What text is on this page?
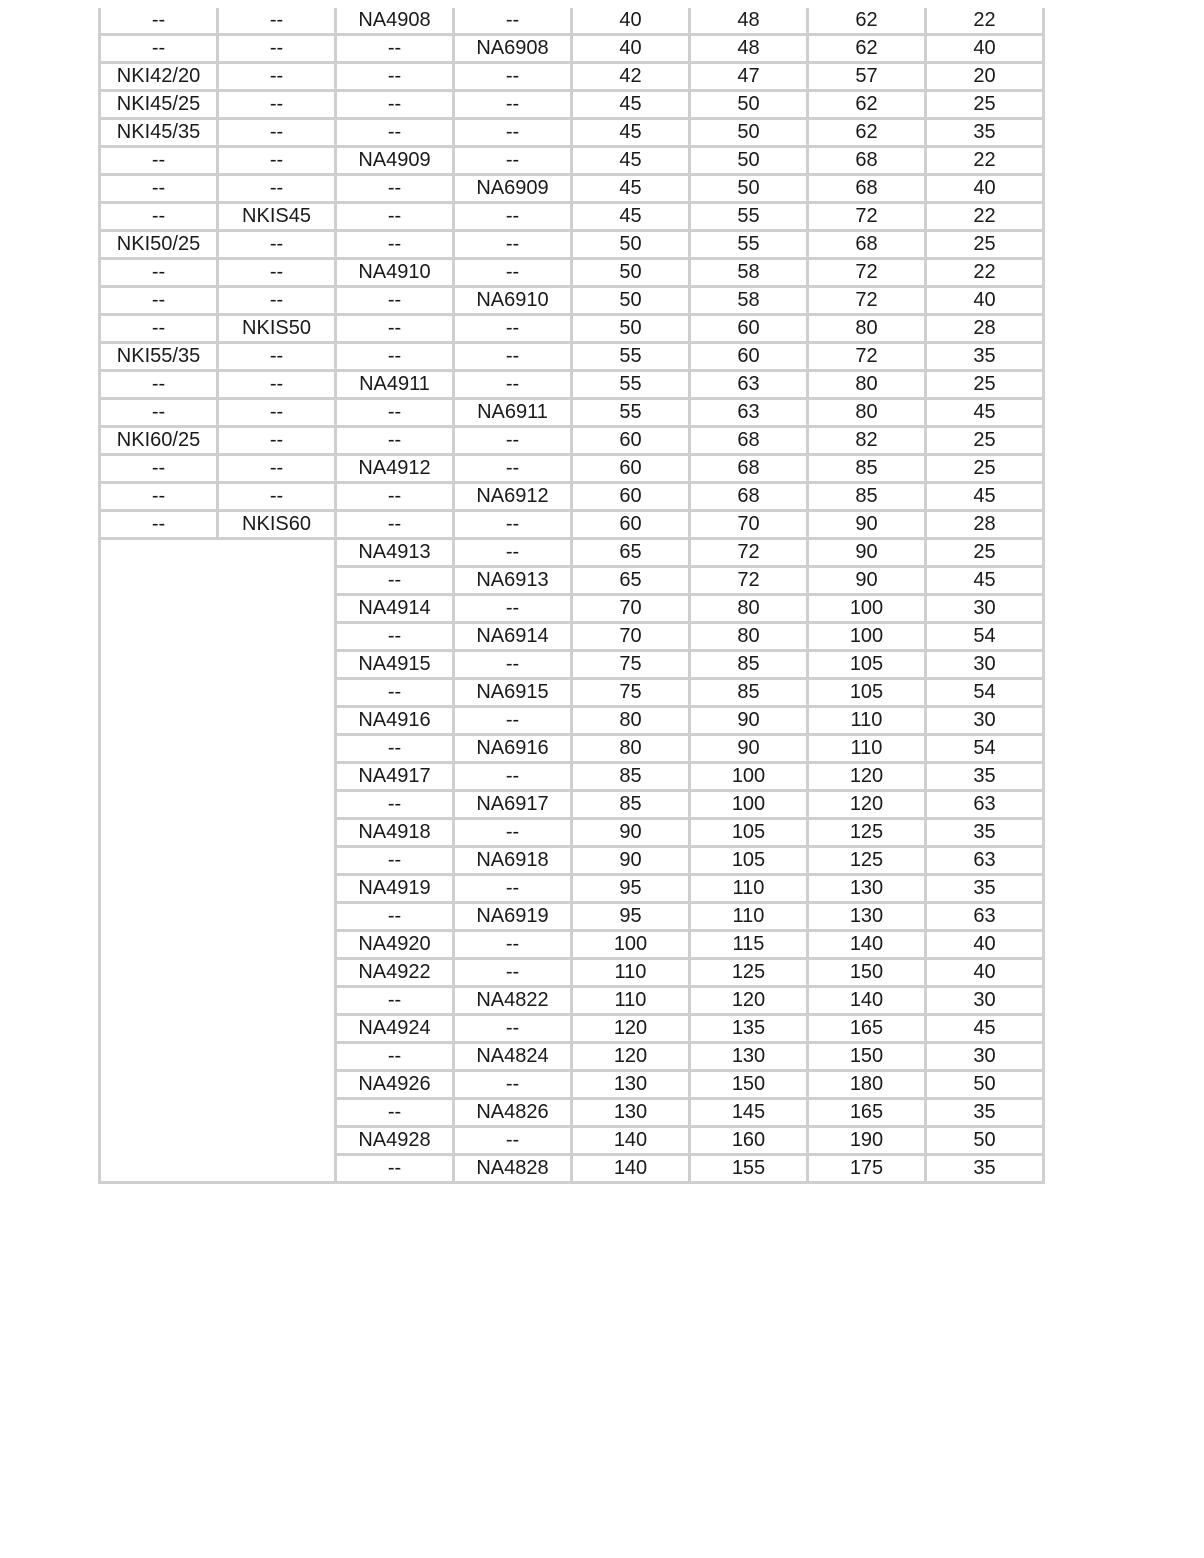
--	--	NA4908	--	40	48	62	22
--	--	--	NA6908	40	48	62	40
NKI42/20	--	--	--	42	47	57	20
NKI45/25	--	--	--	45	50	62	25
NKI45/35	--	--	--	45	50	62	35
--	--	NA4909	--	45	50	68	22
--	--	--	NA6909	45	50	68	40
--	NKIS45	--	--	45	55	72	22
NKI50/25	--	--	--	50	55	68	25
--	--	NA4910	--	50	58	72	22
--	--	--	NA6910	50	58	72	40
--	NKIS50	--	--	50	60	80	28
NKI55/35	--	--	--	55	60	72	35
--	--	NA4911	--	55	63	80	25
--	--	--	NA6911	55	63	80	45
NKI60/25	--	--	--	60	68	82	25
--	--	NA4912	--	60	68	85	25
--	--	--	NA6912	60	68	85	45
--	NKIS60	--	--	60	70	90	28
		NA4913	--	65	72	90	25
		--	NA6913	65	72	90	45
		NA4914	--	70	80	100	30
		--	NA6914	70	80	100	54
		NA4915	--	75	85	105	30
		--	NA6915	75	85	105	54
		NA4916	--	80	90	110	30
		--	NA6916	80	90	110	54
		NA4917	--	85	100	120	35
		--	NA6917	85	100	120	63
		NA4918	--	90	105	125	35
		--	NA6918	90	105	125	63
		NA4919	--	95	110	130	35
		--	NA6919	95	110	130	63
		NA4920	--	100	115	140	40
		NA4922	--	110	125	150	40
		--	NA4822	110	120	140	30
		NA4924	--	120	135	165	45
		--	NA4824	120	130	150	30
		NA4926	--	130	150	180	50
		--	NA4826	130	145	165	35
		NA4928	--	140	160	190	50
		--	NA4828	140	155	175	35
